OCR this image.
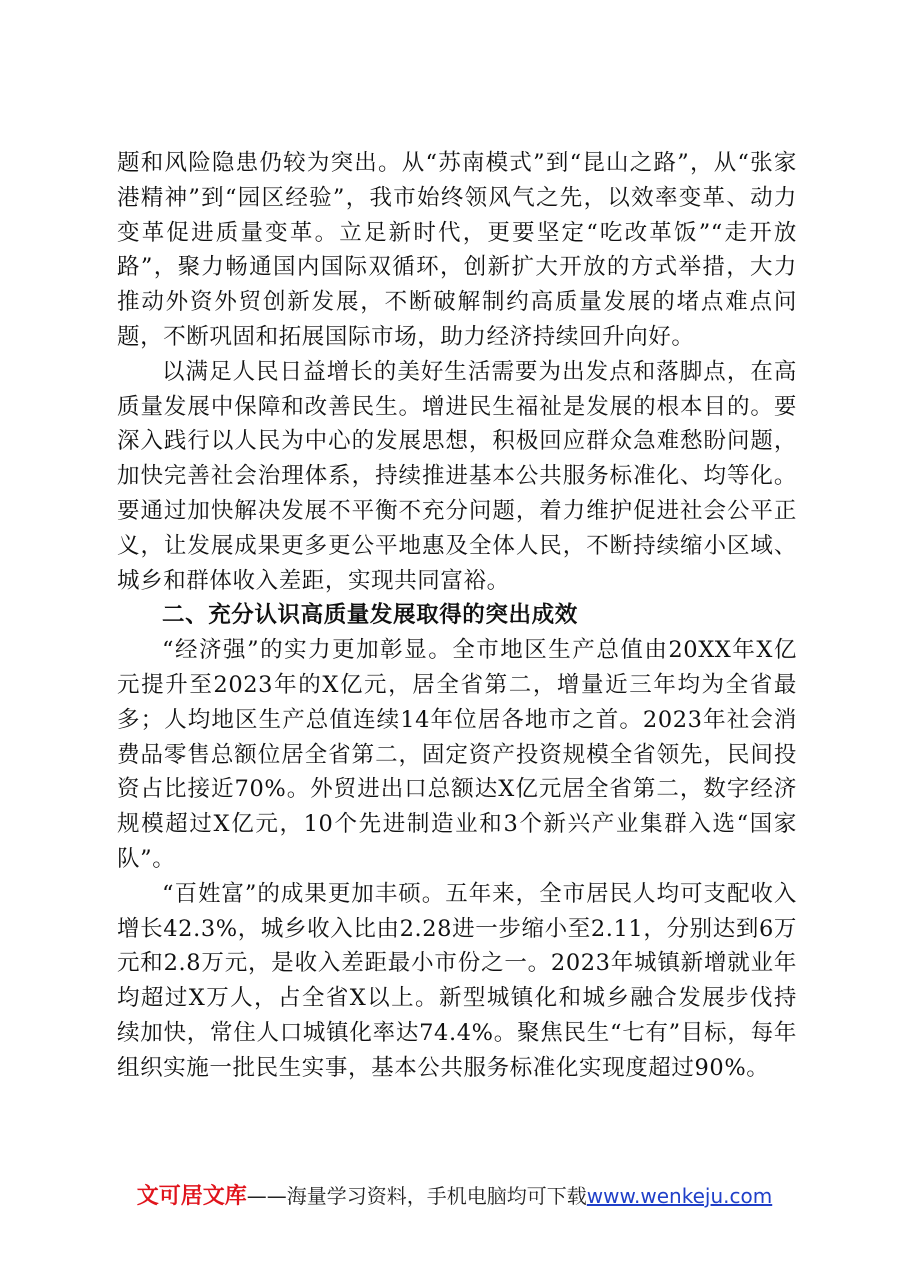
题和风险隐患仍较为突出。从“苏南模式”到“昆山之路”，从“张家港精神”到“园区经验”，我市始终领风气之先，以效率变革、动力变革促进质量变革。立足新时代，更要坚定“吃改革饭”“走开放路”，聚力畅通国内国际双循环，创新扩大开放的方式举措，大力推动外资外贸创新发展，不断破解制约高质量发展的堵点难点问题，不断巩固和拓展国际市场，助力经济持续回升向好。

以满足人民日益增长的美好生活需要为出发点和落脚点，在高质量发展中保障和改善民生。增进民生福祉是发展的根本目的。要深入践行以人民为中心的发展思想，积极回应群众急难愁盼问题，加快完善社会治理体系，持续推进基本公共服务标准化、均等化。要通过加快解决发展不平衡不充分问题，着力维护促进社会公平正义，让发展成果更多更公平地惠及全体人民，不断持续缩小区域、城乡和群体收入差距，实现共同富裕。

二、充分认识高质量发展取得的突出成效

“经济强”的实力更加彰显。全市地区生产总值由20XX年X亿元提升至2023年的X亿元，居全省第二，增量近三年均为全省最多；人均地区生产总值连续14年位居各地市之首。2023年社会消费品零售总额位居全省第二，固定资产投资规模全省领先，民间投资占比接近70%。外贸进出口总额达X亿元居全省第二，数字经济规模超过X亿元，10个先进制造业和3个新兴产业集群入选“国家队”。

“百姓富”的成果更加丰硕。五年来，全市居民人均可支配收入增长42.3%，城乡收入比由2.28进一步缩小至2.11，分别达到6万元和2.8万元，是收入差距最小市份之一。2023年城镇新增就业年均超过X万人，占全省X以上。新型城镇化和城乡融合发展步伐持续加快，常住人口城镇化率达74.4%。聚焦民生“七有”目标，每年组织实施一批民生实事，基本公共服务标准化实现度超过90%。

文可居文库——海量学习资料，手机电脑均可下载www.wenkeju.com
